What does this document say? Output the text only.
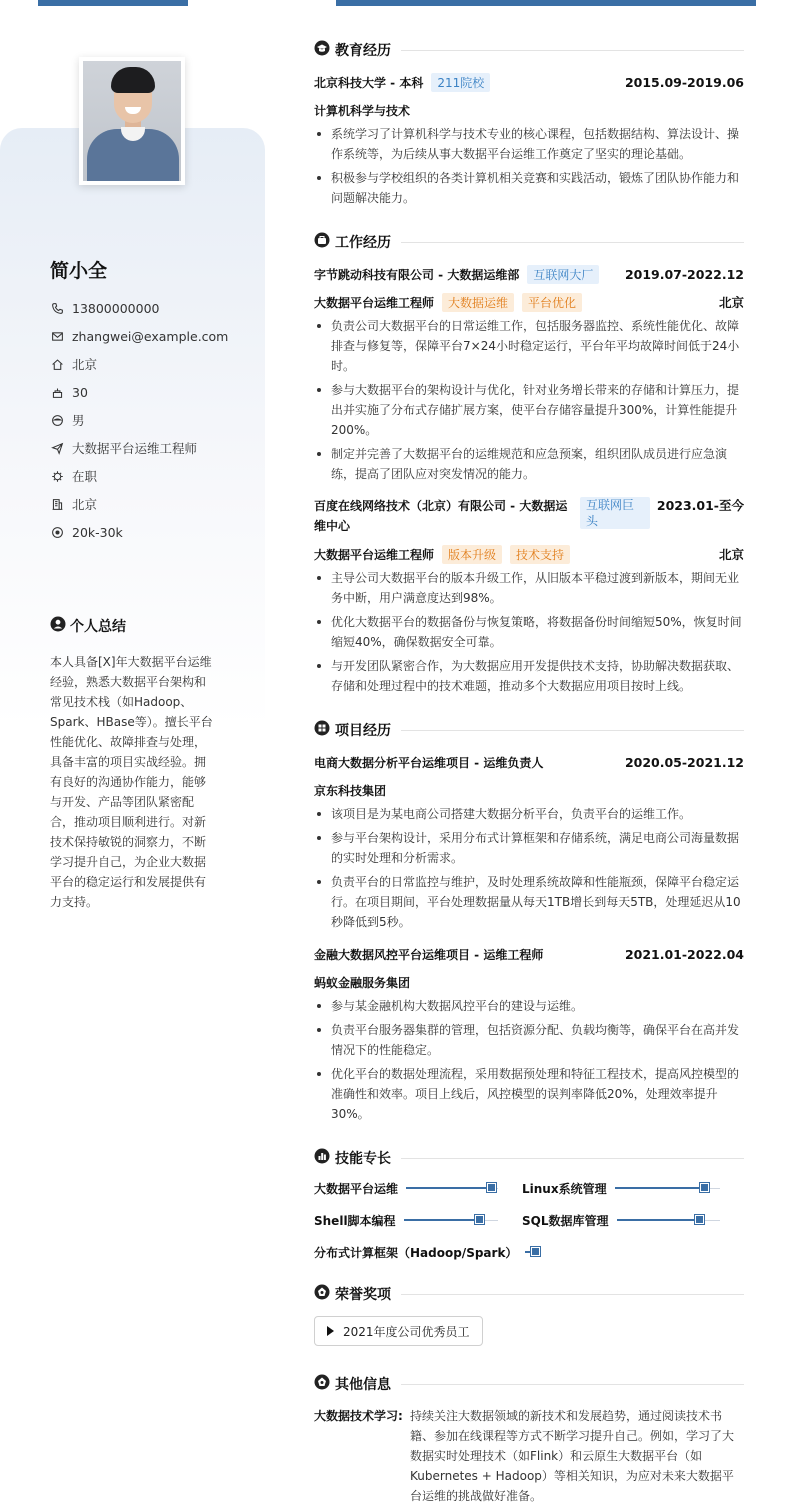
简小全
13800000000
zhangwei@example.com
北京
30
男
大数据平台运维工程师
在职
北京
20k-30k
个人总结
本人具备[X]年大数据平台运维经验，熟悉大数据平台架构和常见技术栈（如Hadoop、Spark、HBase等）。擅长平台性能优化、故障排查与处理，具备丰富的项目实战经验。拥有良好的沟通协作能力，能够与开发、产品等团队紧密配合，推动项目顺利进行。对新技术保持敏锐的洞察力，不断学习提升自己，为企业大数据平台的稳定运行和发展提供有力支持。
教育经历
北京科技大学 - 本科 211院校	2015.09-2019.06
计算机科学与技术
系统学习了计算机科学与技术专业的核心课程，包括数据结构、算法设计、操作系统等，为后续从事大数据平台运维工作奠定了坚实的理论基础。
积极参与学校组织的各类计算机相关竞赛和实践活动，锻炼了团队协作能力和问题解决能力。
工作经历
字节跳动科技有限公司 - 大数据运维部 互联网大厂	2019.07-2022.12
大数据平台运维工程师	大数据运维	平台优化	北京
负责公司大数据平台的日常运维工作，包括服务器监控、系统性能优化、故障排查与修复等，保障平台7×24小时稳定运行，平台年平均故障时间低于24小时。
参与大数据平台的架构设计与优化，针对业务增长带来的存储和计算压力，提出并实施了分布式存储扩展方案，使平台存储容量提升300%，计算性能提升200%。
制定并完善了大数据平台的运维规范和应急预案，组织团队成员进行应急演练，提高了团队应对突发情况的能力。
百度在线网络技术（北京）有限公司 - 大数据运维中心
互联网巨头
2023.01-至今
大数据平台运维工程师	版本升级	技术支持	北京
主导公司大数据平台的版本升级工作，从旧版本平稳过渡到新版本，期间无业务中断，用户满意度达到98%。
优化大数据平台的数据备份与恢复策略，将数据备份时间缩短50%，恢复时间缩短40%，确保数据安全可靠。
与开发团队紧密合作，为大数据应用开发提供技术支持，协助解决数据获取、存储和处理过程中的技术难题，推动多个大数据应用项目按时上线。
项目经历
电商大数据分析平台运维项目 - 运维负责人	2020.05-2021.12
京东科技集团
该项目是为某电商公司搭建大数据分析平台，负责平台的运维工作。
参与平台架构设计，采用分布式计算框架和存储系统，满足电商公司海量数据的实时处理和分析需求。
负责平台的日常监控与维护，及时处理系统故障和性能瓶颈，保障平台稳定运行。在项目期间，平台处理数据量从每天1TB增长到每天5TB，处理延迟从10秒降低到5秒。
金融大数据风控平台运维项目 - 运维工程师	2021.01-2022.04
蚂蚁金融服务集团
参与某金融机构大数据风控平台的建设与运维。
负责平台服务器集群的管理，包括资源分配、负载均衡等，确保平台在高并发情况下的性能稳定。
优化平台的数据处理流程，采用数据预处理和特征工程技术，提高风控模型的准确性和效率。项目上线后，风控模型的误判率降低20%，处理效率提升30%。
技能专长
大数据平台运维	Linux系统管理
Shell脚本编程	SQL数据库管理
分布式计算框架（Hadoop/Spark）
荣誉奖项
2021年度公司优秀员工
其他信息
大数据技术学习: 持续关注大数据领域的新技术和发展趋势，通过阅读技术书籍、参加在线课程等方式不断学习提升自己。例如，学习了大数据实时处理技术（如Flink）和云原生大数据平台（如Kubernetes + Hadoop）等相关知识，为应对未来大数据平台运维的挑战做好准备。
